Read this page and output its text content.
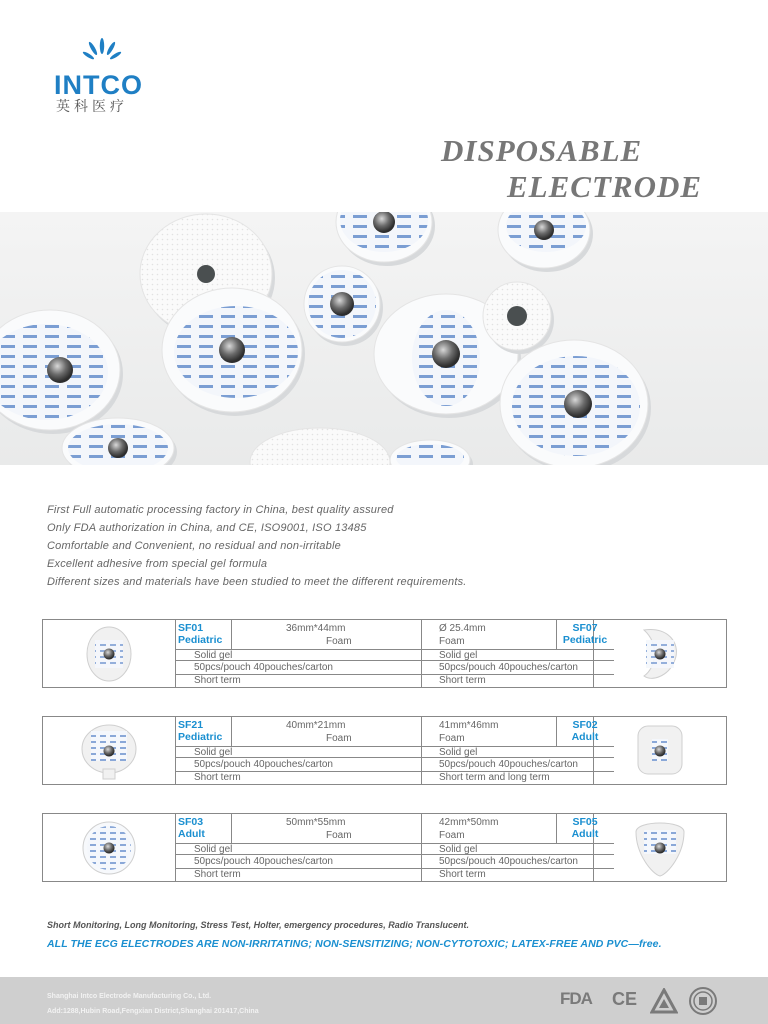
INTCO
英科医疗
DISPOSABLE
ELECTRODE
First Full automatic processing factory in China, best quality assured
Only FDA authorization in China, and CE, ISO9001, ISO 13485
Comfortable and Convenient, no residual and non-irritable
Excellent adhesive from special gel formula
Different sizes and materials have been studied to meet the different requirements.
SF01
Pediatric
SF07
Pediatric
36mm*44mm
Foam
Solid gel
50pcs/pouch 40pouches/carton
Short term
Ø 25.4mm
Foam
Solid gel
50pcs/pouch 40pouches/carton
Short term
SF21
Pediatric
SF02
Adult
40mm*21mm
Foam
Solid gel
50pcs/pouch 40pouches/carton
Short term
41mm*46mm
Foam
Solid gel
50pcs/pouch 40pouches/carton
Short term and long term
SF03
Adult
SF05
Adult
50mm*55mm
Foam
Solid gel
50pcs/pouch 40pouches/carton
Short term
42mm*50mm
Foam
Solid gel
50pcs/pouch 40pouches/carton
Short term
Short Monitoring, Long Monitoring, Stress Test, Holter, emergency procedures, Radio Translucent.
ALL THE ECG ELECTRODES ARE NON-IRRITATING; NON-SENSITIZING; NON-CYTOTOXIC; LATEX-FREE AND PVC—free.
Shanghai Intco Electrode Manufacturing Co., Ltd.
Add:1288,Hubin Road,Fengxian District,Shanghai 201417,China
FDA CE
